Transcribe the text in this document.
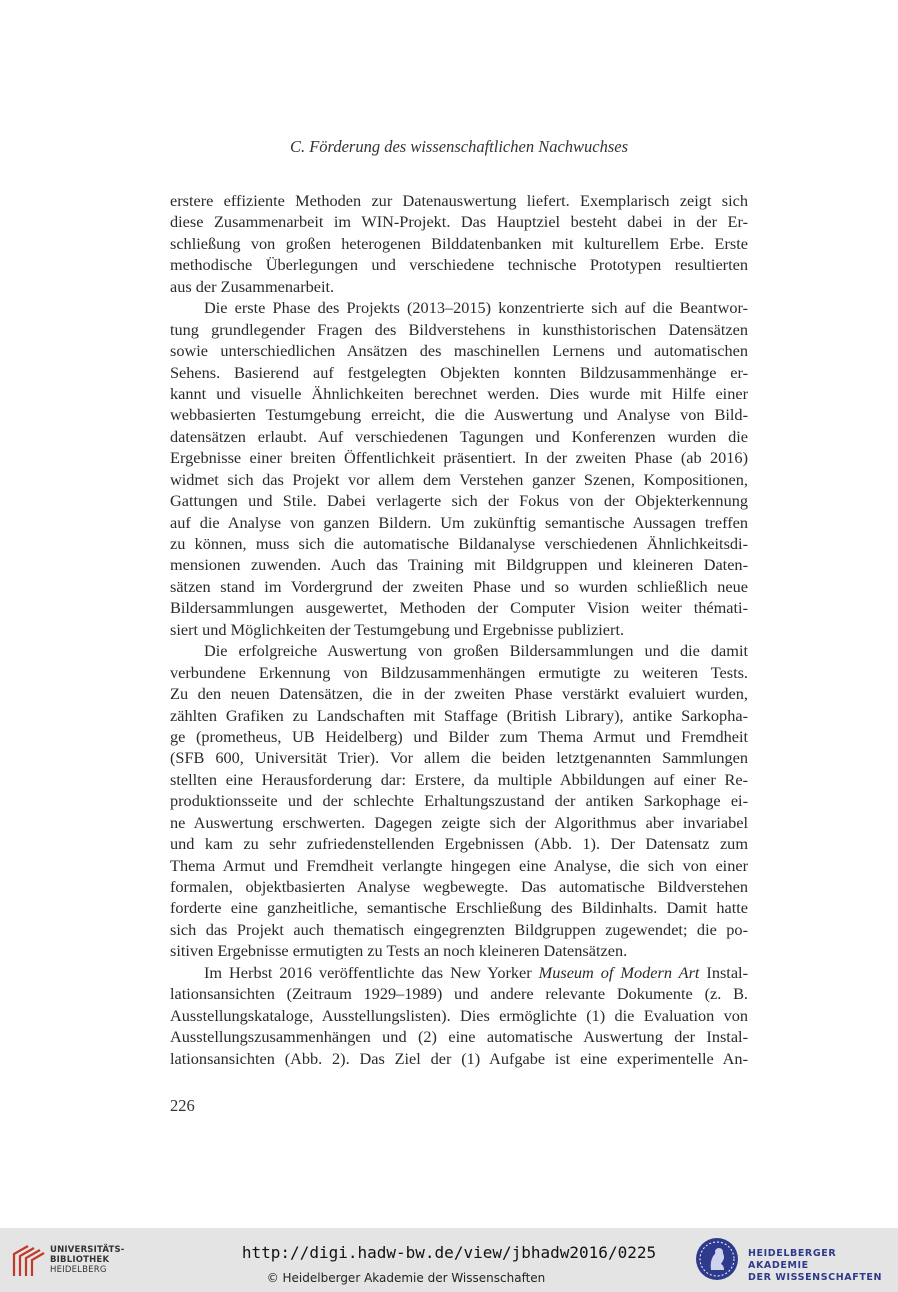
C. Förderung des wissenschaftlichen Nachwuchses
erstere effiziente Methoden zur Datenauswertung liefert. Exemplarisch zeigt sich
diese Zusammenarbeit im WIN-Projekt. Das Hauptziel besteht dabei in der Er-
schließung von großen heterogenen Bilddatenbanken mit kulturellem Erbe. Erste
methodische Überlegungen und verschiedene technische Prototypen resultierten
aus der Zusammenarbeit.
Die erste Phase des Projekts (2013–2015) konzentrierte sich auf die Beantwor-
tung grundlegender Fragen des Bildverstehens in kunsthistorischen Datensätzen
sowie unterschiedlichen Ansätzen des maschinellen Lernens und automatischen
Sehens. Basierend auf festgelegten Objekten konnten Bildzusammenhänge er-
kannt und visuelle Ähnlichkeiten berechnet werden. Dies wurde mit Hilfe einer
webbasierten Testumgebung erreicht, die die Auswertung und Analyse von Bild-
datensätzen erlaubt. Auf verschiedenen Tagungen und Konferenzen wurden die
Ergebnisse einer breiten Öffentlichkeit präsentiert. In der zweiten Phase (ab 2016)
widmet sich das Projekt vor allem dem Verstehen ganzer Szenen, Kompositionen,
Gattungen und Stile. Dabei verlagerte sich der Fokus von der Objekterkennung
auf die Analyse von ganzen Bildern. Um zukünftig semantische Aussagen treffen
zu können, muss sich die automatische Bildanalyse verschiedenen Ähnlichkeitsdi-
mensionen zuwenden. Auch das Training mit Bildgruppen und kleineren Daten-
sätzen stand im Vordergrund der zweiten Phase und so wurden schließlich neue
Bildersammlungen ausgewertet, Methoden der Computer Vision weiter thémati-
siert und Möglichkeiten der Testumgebung und Ergebnisse publiziert.
Die erfolgreiche Auswertung von großen Bildersammlungen und die damit
verbundene Erkennung von Bildzusammenhängen ermutigte zu weiteren Tests.
Zu den neuen Datensätzen, die in der zweiten Phase verstärkt evaluiert wurden,
zählten Grafiken zu Landschaften mit Staffage (British Library), antike Sarkopha-
ge (prometheus, UB Heidelberg) und Bilder zum Thema Armut und Fremdheit
(SFB 600, Universität Trier). Vor allem die beiden letztgenannten Sammlungen
stellten eine Herausforderung dar: Erstere, da multiple Abbildungen auf einer Re-
produktionsseite und der schlechte Erhaltungszustand der antiken Sarkophage ei-
ne Auswertung erschwerten. Dagegen zeigte sich der Algorithmus aber invariabel
und kam zu sehr zufriedenstellenden Ergebnissen (Abb. 1). Der Datensatz zum
Thema Armut und Fremdheit verlangte hingegen eine Analyse, die sich von einer
formalen, objektbasierten Analyse wegbewegte. Das automatische Bildverstehen
forderte eine ganzheitliche, semantische Erschließung des Bildinhalts. Damit hatte
sich das Projekt auch thematisch eingegrenzten Bildgruppen zugewendet; die po-
sitiven Ergebnisse ermutigten zu Tests an noch kleineren Datensätzen.
Im Herbst 2016 veröffentlichte das New Yorker Museum of Modern Art Instal-
lationsansichten (Zeitraum 1929–1989) und andere relevante Dokumente (z. B.
Ausstellungskataloge, Ausstellungslisten). Dies ermöglichte (1) die Evaluation von
Ausstellungszusammenhängen und (2) eine automatische Auswertung der Instal-
lationsansichten (Abb. 2). Das Ziel der (1) Aufgabe ist eine experimentelle An-
226
UNIVERSITÄTS-
BIBLIOTHEK
HEIDELBERG
http://digi.hadw-bw.de/view/jbhadw2016/0225
© Heidelberger Akademie der Wissenschaften
HEIDELBERGER AKADEMIE
DER WISSENSCHAFTEN
